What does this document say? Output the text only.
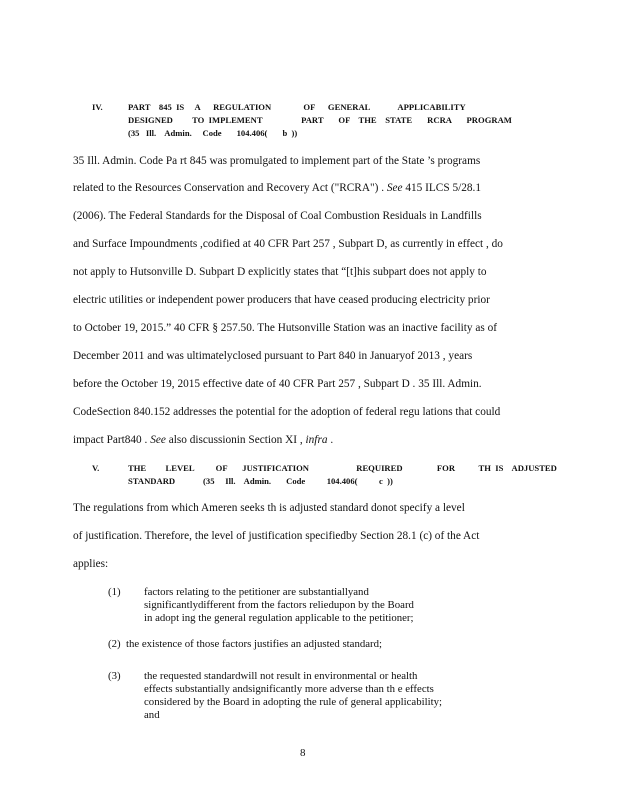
IV.	PART    845  IS     A      REGULATION               OF      GENERAL             APPLICABILITY
DESIGNED         TO  IMPLEMENT                  PART       OF    THE    STATE       RCRA       PROGRAM
(35   Ill.    Admin.     Code       104.406(       b  ))
35 Ill. Admin. Code Pa rt 845 was promulgated to implement part of the State ’s programs
related to the Resources Conservation and Recovery Act ("RCRA") . See 415 ILCS 5/28.1
(2006). The Federal Standards for the Disposal of Coal Combustion Residuals in Landfills
and Surface Impoundments ,codified at 40 CFR Part 257 , Subpart D, as currently in effect , do
not apply to Hutsonville D. Subpart D explicitly states that “[t]his subpart does not apply to
electric utilities or independent power producers that have ceased producing electricity prior
to October 19, 2015.” 40 CFR § 257.50. The Hutsonville Station was an inactive facility as of
December 2011 and was ultimatelyclosed pursuant to Part 840 in Januaryof 2013 , years
before the October 19, 2015 effective date of 40 CFR Part 257 , Subpart D . 35 Ill. Admin.
CodeSection 840.152 addresses the potential for the adoption of federal regu lations that could
impact Part840 . See also discussionin Section XI , infra .
V.	THE         LEVEL          OF       JUSTIFICATION                      REQUIRED                FOR           TH  IS    ADJUSTED
STANDARD             (35     Ill.    Admin.       Code          104.406(          c  ))
The regulations from which Ameren seeks th is adjusted standard donot specify a level
of justification. Therefore, the level of justification specifiedby Section 28.1 (c) of the Act
applies:
(1) factors relating to the petitioner are substantiallyand
significantlydifferent from the factors reliedupon by the Board
in adopt ing the general regulation applicable to the petitioner;
(2) the existence of those factors justifies an adjusted standard;
(3) the requested standardwill not result in environmental or health
effects substantially andsignificantly more adverse than th e effects
considered by the Board in adopting the rule of general applicability;
and
8
